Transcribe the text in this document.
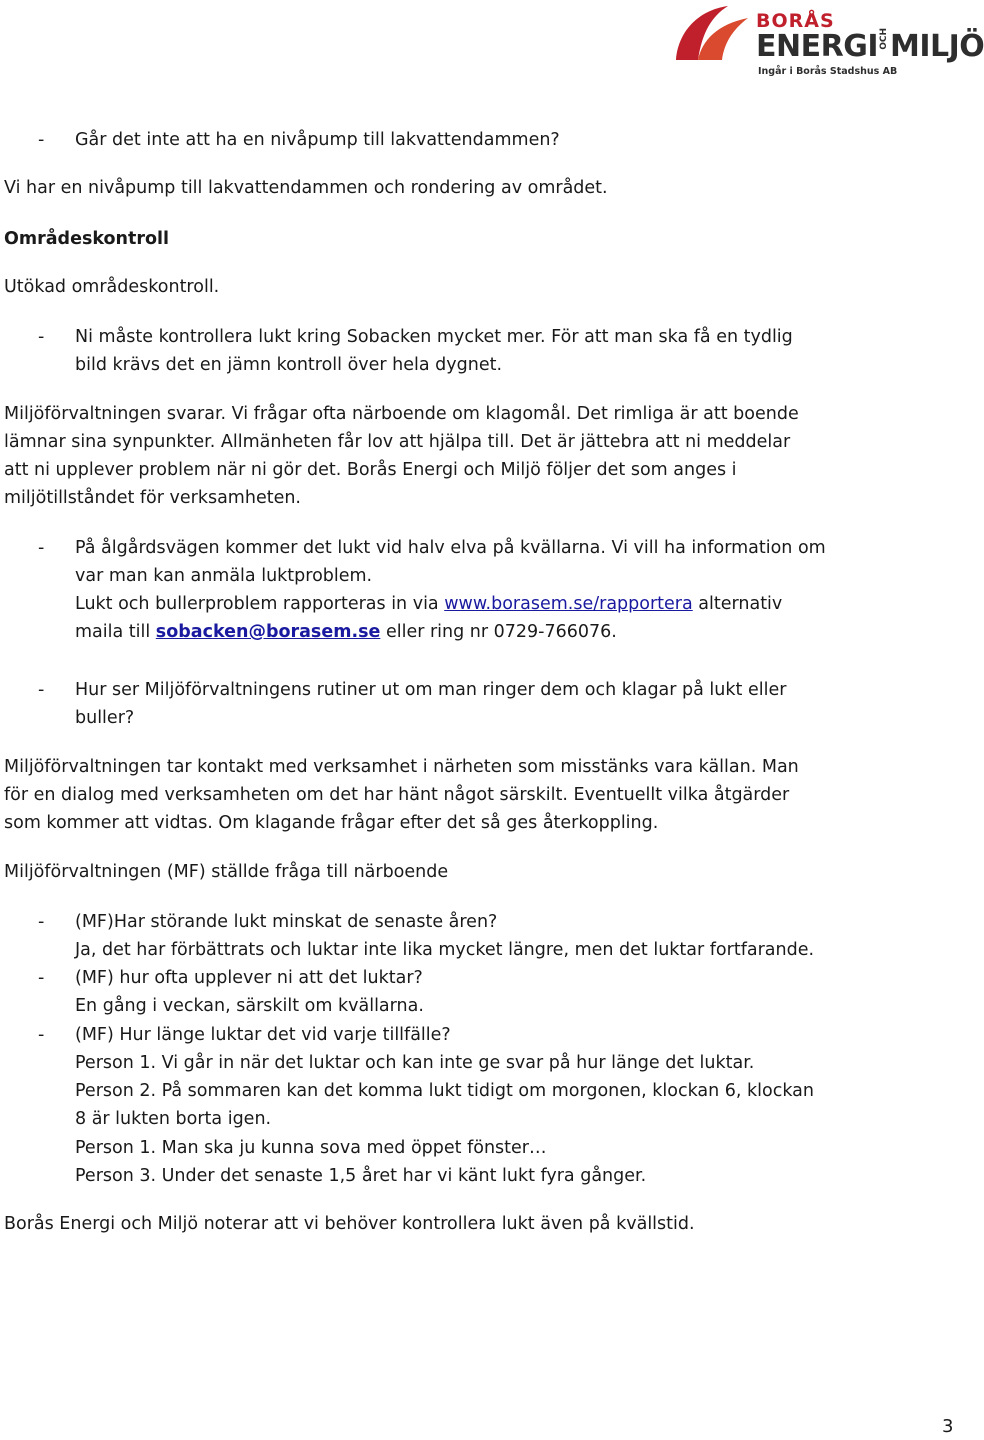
BORÅS
ENERGIOCHMILJÖ
Ingår i Borås Stadshus AB
- Går det inte att ha en nivåpump till lakvattendammen?
Vi har en nivåpump till lakvattendammen och rondering av området.
Områdeskontroll
Utökad områdeskontroll.
- Ni måste kontrollera lukt kring Sobacken mycket mer. För att man ska få en tydlig
bild krävs det en jämn kontroll över hela dygnet.
Miljöförvaltningen svarar. Vi frågar ofta närboende om klagomål. Det rimliga är att boende
lämnar sina synpunkter. Allmänheten får lov att hjälpa till. Det är jättebra att ni meddelar
att ni upplever problem när ni gör det. Borås Energi och Miljö följer det som anges i
miljötillståndet för verksamheten.
- På ålgårdsvägen kommer det lukt vid halv elva på kvällarna. Vi vill ha information om
var man kan anmäla luktproblem.
Lukt och bullerproblem rapporteras in via www.borasem.se/rapportera alternativ
maila till sobacken@borasem.se eller ring nr 0729-766076.
- Hur ser Miljöförvaltningens rutiner ut om man ringer dem och klagar på lukt eller
buller?
Miljöförvaltningen tar kontakt med verksamhet i närheten som misstänks vara källan. Man
för en dialog med verksamheten om det har hänt något särskilt. Eventuellt vilka åtgärder
som kommer att vidtas. Om klagande frågar efter det så ges återkoppling.
Miljöförvaltningen (MF) ställde fråga till närboende
- (MF)Har störande lukt minskat de senaste åren?
Ja, det har förbättrats och luktar inte lika mycket längre, men det luktar fortfarande.
- (MF) hur ofta upplever ni att det luktar?
En gång i veckan, särskilt om kvällarna.
- (MF) Hur länge luktar det vid varje tillfälle?
Person 1. Vi går in när det luktar och kan inte ge svar på hur länge det luktar.
Person 2. På sommaren kan det komma lukt tidigt om morgonen, klockan 6, klockan
8 är lukten borta igen.
Person 1. Man ska ju kunna sova med öppet fönster…
Person 3. Under det senaste 1,5 året har vi känt lukt fyra gånger.
Borås Energi och Miljö noterar att vi behöver kontrollera lukt även på kvällstid.
3
